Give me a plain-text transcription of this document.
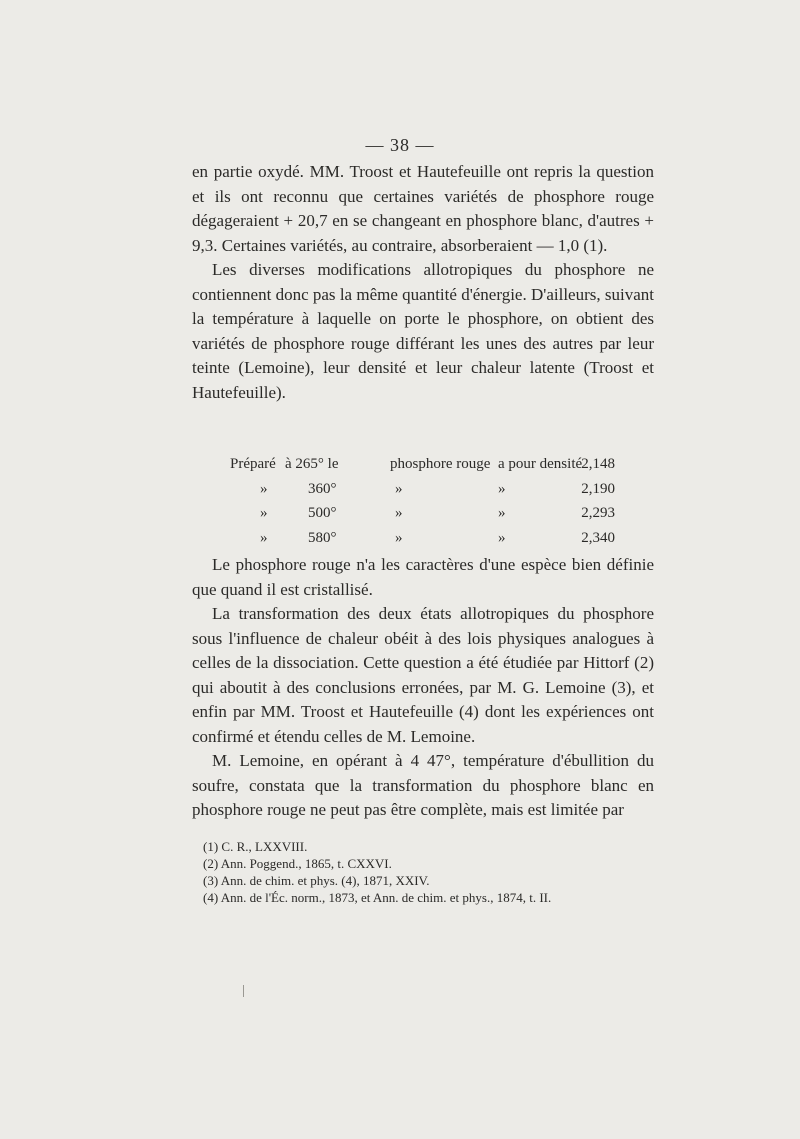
— 38 —

en partie oxydé. MM. Troost et Hautefeuille ont repris la question et ils ont reconnu que certaines variétés de phosphore rouge dégageraient + 20,7 en se changeant en phosphore blanc, d'autres + 9,3. Certaines variétés, au contraire, absorberaient — 1,0 (1).

Les diverses modifications allotropiques du phosphore ne contiennent donc pas la même quantité d'énergie. D'ailleurs, suivant la température à laquelle on porte le phosphore, on obtient des variétés de phosphore rouge différant les unes des autres par leur teinte (Lemoine), leur densité et leur chaleur latente (Troost et Hautefeuille).

Préparé à 265° le	phosphore rouge a pour densité 2,148
»	360°	»	»	2,190
»	500°	»	»	2,293
»	580°	»	»	2,340

Le phosphore rouge n'a les caractères d'une espèce bien définie que quand il est cristallisé.

La transformation des deux états allotropiques du phosphore sous l'influence de chaleur obéit à des lois physiques analogues à celles de la dissociation. Cette question a été étudiée par Hittorf (2) qui aboutit à des conclusions erronées, par M. G. Lemoine (3), et enfin par MM. Troost et Hautefeuille (4) dont les expériences ont confirmé et étendu celles de M. Lemoine.

M. Lemoine, en opérant à 4 47°, température d'ébullition du soufre, constata que la transformation du phosphore blanc en phosphore rouge ne peut pas être complète, mais est limitée par

(1) C. R., LXXVIII.
(2) Ann. Poggend., 1865, t. CXXVI.
(3) Ann. de chim. et phys. (4), 1871, XXIV.
(4) Ann. de l'Éc. norm., 1873, et Ann. de chim. et phys., 1874, t. II.
